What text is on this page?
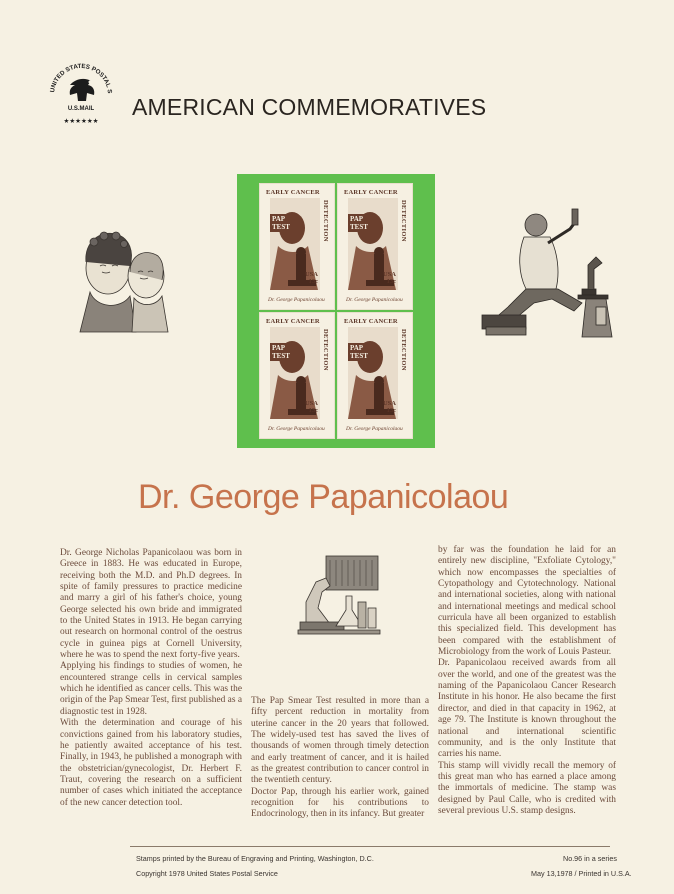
UNITED STATES POSTAL S
U.S.MAIL
★★★★★★
AMERICAN COMMEMORATIVES
EARLY CANCER
DETECTION
PAP
TEST
USA
13c
Dr. George Papanicolaou
EARLY CANCER
DETECTION
PAP
TEST
USA
13c
Dr. George Papanicolaou
EARLY CANCER
DETECTION
PAP
TEST
USA
13c
Dr. George Papanicolaou
EARLY CANCER
DETECTION
PAP
TEST
USA
13c
Dr. George Papanicolaou
Dr. George Papanicolaou

Dr. George Nicholas Papanicolaou was born in Greece in 1883. He was educated in Europe, receiving both the M.D. and Ph.D degrees. In spite of family pressures to practice medicine and marry a girl of his father's choice, young George selected his own bride and immigrated to the United States in 1913. He began carrying out research on hormonal control of the oestrus cycle in guinea pigs at Cornell University, where he was to spend the next forty-five years.

Applying his findings to studies of women, he encountered strange cells in cervical samples which he identified as cancer cells. This was the origin of the Pap Smear Test, first published as a diagnostic test in 1928.

With the determination and courage of his convictions gained from his laboratory studies, he patiently awaited acceptance of his test. Finally, in 1943, he published a monograph with the obstetrician/gynecologist, Dr. Herbert F. Traut, covering the research on a sufficient number of cases which initiated the acceptance of the new cancer detection tool.

The Pap Smear Test resulted in more than a fifty percent reduction in mortality from uterine cancer in the 20 years that followed. The widely-used test has saved the lives of thousands of women through timely detection and early treatment of cancer, and it is hailed as the greatest contribution to cancer control in the twentieth century.

Doctor Pap, through his earlier work, gained recognition for his contributions to Endocrinology, then in its infancy. But greater

by far was the foundation he laid for an entirely new discipline, "Exfoliate Cytology," which now encompasses the specialties of Cytopathology and Cytotechnology. National and international societies, along with national and international meetings and medical school curricula have all been organized to establish this specialized field. This development has been compared with the establishment of Microbiology from the work of Louis Pasteur.

Dr. Papanicolaou received awards from all over the world, and one of the greatest was the naming of the Papanicolaou Cancer Research Institute in his honor. He also became the first director, and died in that capacity in 1962, at age 79. The Institute is known throughout the national and international scientific community, and is the only Institute that carries his name.

This stamp will vividly recall the memory of this great man who has earned a place among the immortals of medicine. The stamp was designed by Paul Calle, who is credited with several previous U.S. stamp designs.

Stamps printed by the Bureau of Engraving and Printing, Washington, D.C.
Copyright 1978 United States Postal Service
No.96 in a series
May 13,1978 / Printed in U.S.A.
